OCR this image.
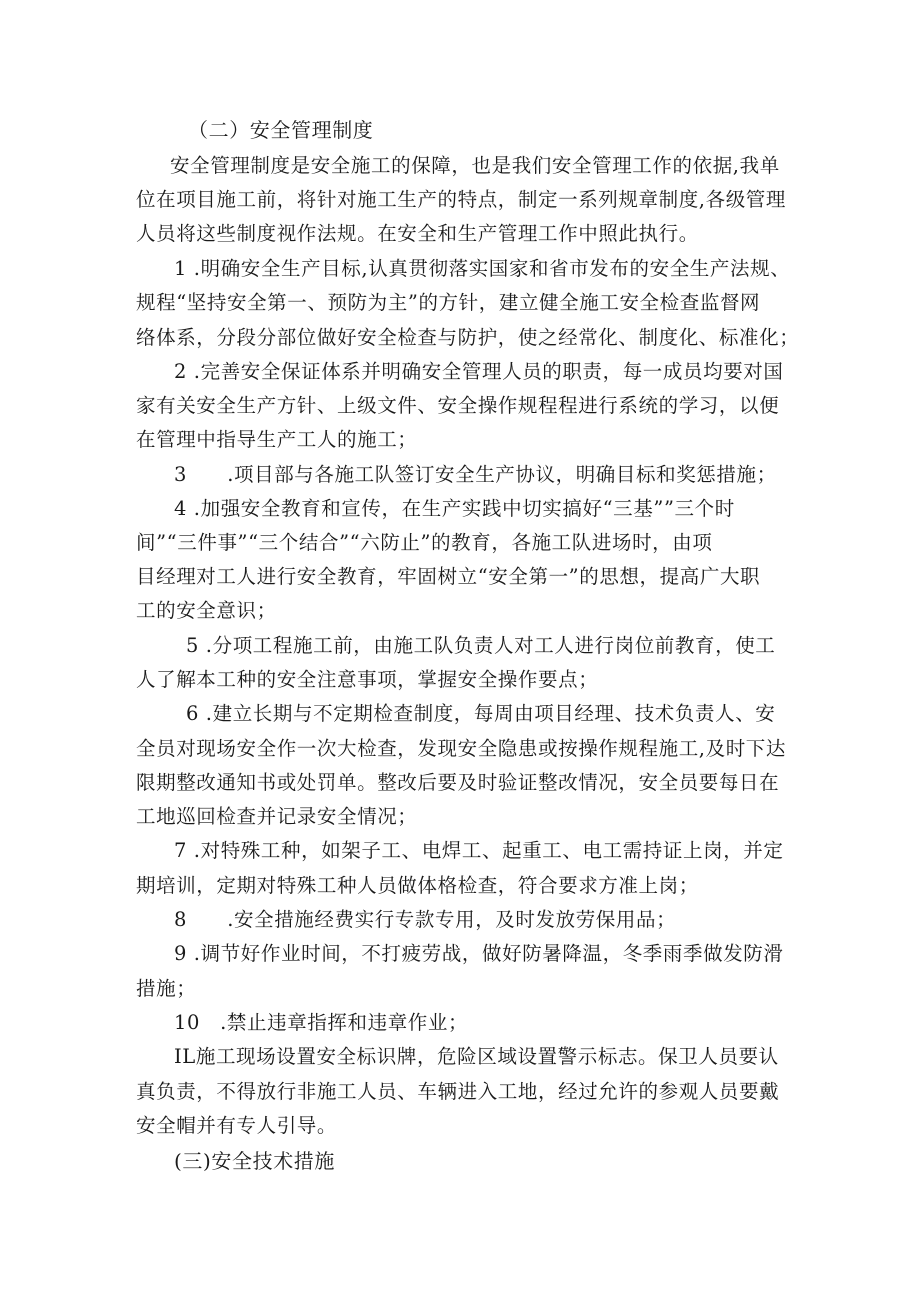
（二）安全管理制度
安全管理制度是安全施工的保障，也是我们安全管理工作的依据,我单
位在项目施工前，将针对施工生产的特点，制定一系列规章制度,各级管理
人员将这些制度视作法规。在安全和生产管理工作中照此执行。
1 .明确安全生产目标,认真贯彻落实国家和省市发布的安全生产法规、
规程“坚持安全第一、预防为主”的方针，建立健全施工安全检查监督网
络体系，分段分部位做好安全检查与防护，使之经常化、制度化、标准化；
2 .完善安全保证体系并明确安全管理人员的职责，每一成员均要对国
家有关安全生产方针、上级文件、安全操作规程程进行系统的学习，以便
在管理中指导生产工人的施工；
3　　.项目部与各施工队签订安全生产协议，明确目标和奖惩措施；
4 .加强安全教育和宣传，在生产实践中切实搞好“三基””三个时
间”“三件事”“三个结合”“六防止”的教育，各施工队进场时，由项
目经理对工人进行安全教育，牢固树立“安全第一”的思想，提高广大职
工的安全意识；
5 .分项工程施工前，由施工队负责人对工人进行岗位前教育，使工
人了解本工种的安全注意事项，掌握安全操作要点；
6 .建立长期与不定期检查制度，每周由项目经理、技术负责人、安
全员对现场安全作一次大检查，发现安全隐患或按操作规程施工,及时下达
限期整改通知书或处罚单。整改后要及时验证整改情况，安全员要每日在
工地巡回检查并记录安全情况；
7 .对特殊工种，如架子工、电焊工、起重工、电工需持证上岗，并定
期培训，定期对特殊工种人员做体格检查，符合要求方准上岗；
8　　.安全措施经费实行专款专用，及时发放劳保用品；
9 .调节好作业时间，不打疲劳战，做好防暑降温，冬季雨季做发防滑
措施；
10　.禁止违章指挥和违章作业；
IL施工现场设置安全标识牌，危险区域设置警示标志。保卫人员要认
真负责，不得放行非施工人员、车辆进入工地，经过允许的参观人员要戴
安全帽并有专人引导。
(三)安全技术措施
